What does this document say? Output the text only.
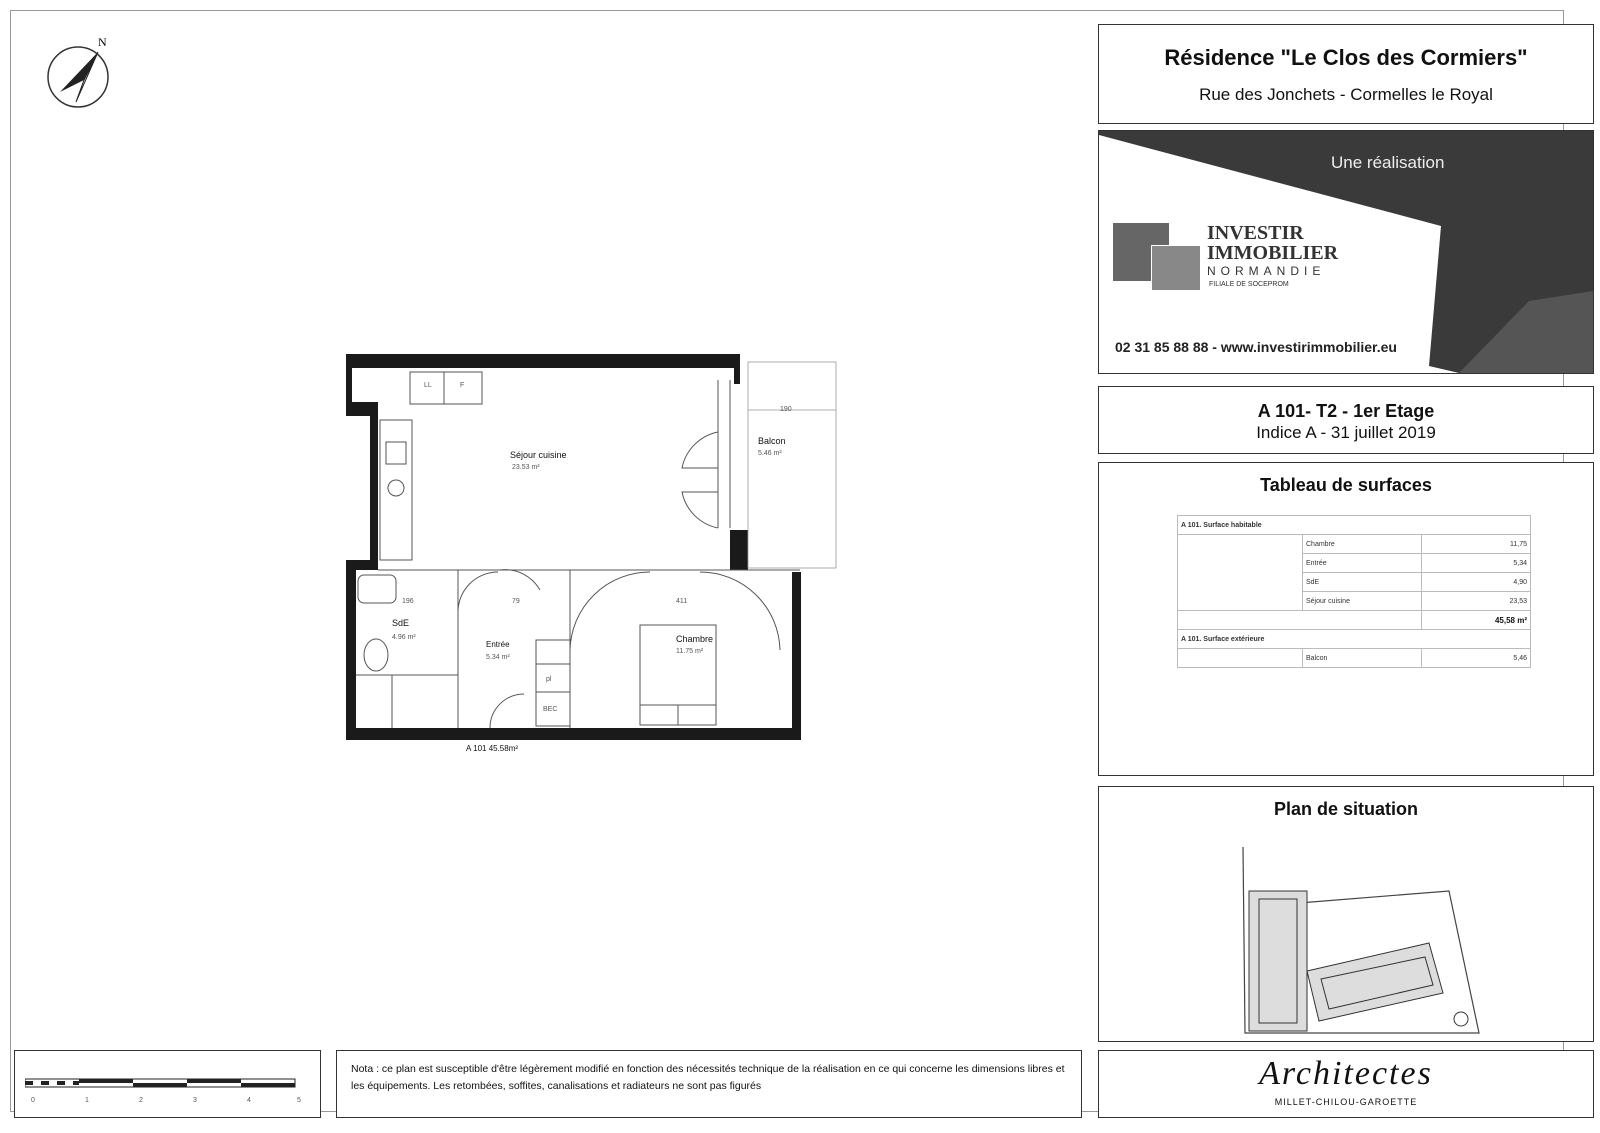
N
Séjour cuisine
23.53 m²
Balcon
5.46 m²
SdE
4.96 m²
Entrée
5.34 m²
Chambre
11.75 m²
LL	F
pl
BEC
190
196	79	411
A 101 45.58m²
Résidence "Le Clos des Cormiers"
Rue des Jonchets - Cormelles le Royal
Une réalisation
INVESTIR
IMMOBILIER
NORMANDIE
FILIALE DE SOCEPROM
02 31 85 88 88 - www.investirimmobilier.eu
A 101- T2 - 1er Etage
Indice A - 31 juillet 2019
Tableau de surfaces
A 101. Surface habitable		
	Chambre	11,75
	Entrée	5,34
	SdE	4,90
	Séjour cuisine	23,53
		45,58 m²
A 101. Surface extérieure		
	Balcon	5,46
Plan de situation
0	1	2	3	4	5
Nota : ce plan est susceptible d'être légèrement modifié en fonction des nécessités technique de la réalisation en ce qui concerne les dimensions libres et les équipements. Les retombées, soffites, canalisations et radiateurs ne sont pas figurés	Architectes
MILLET-CHILOU-GAROETTE
